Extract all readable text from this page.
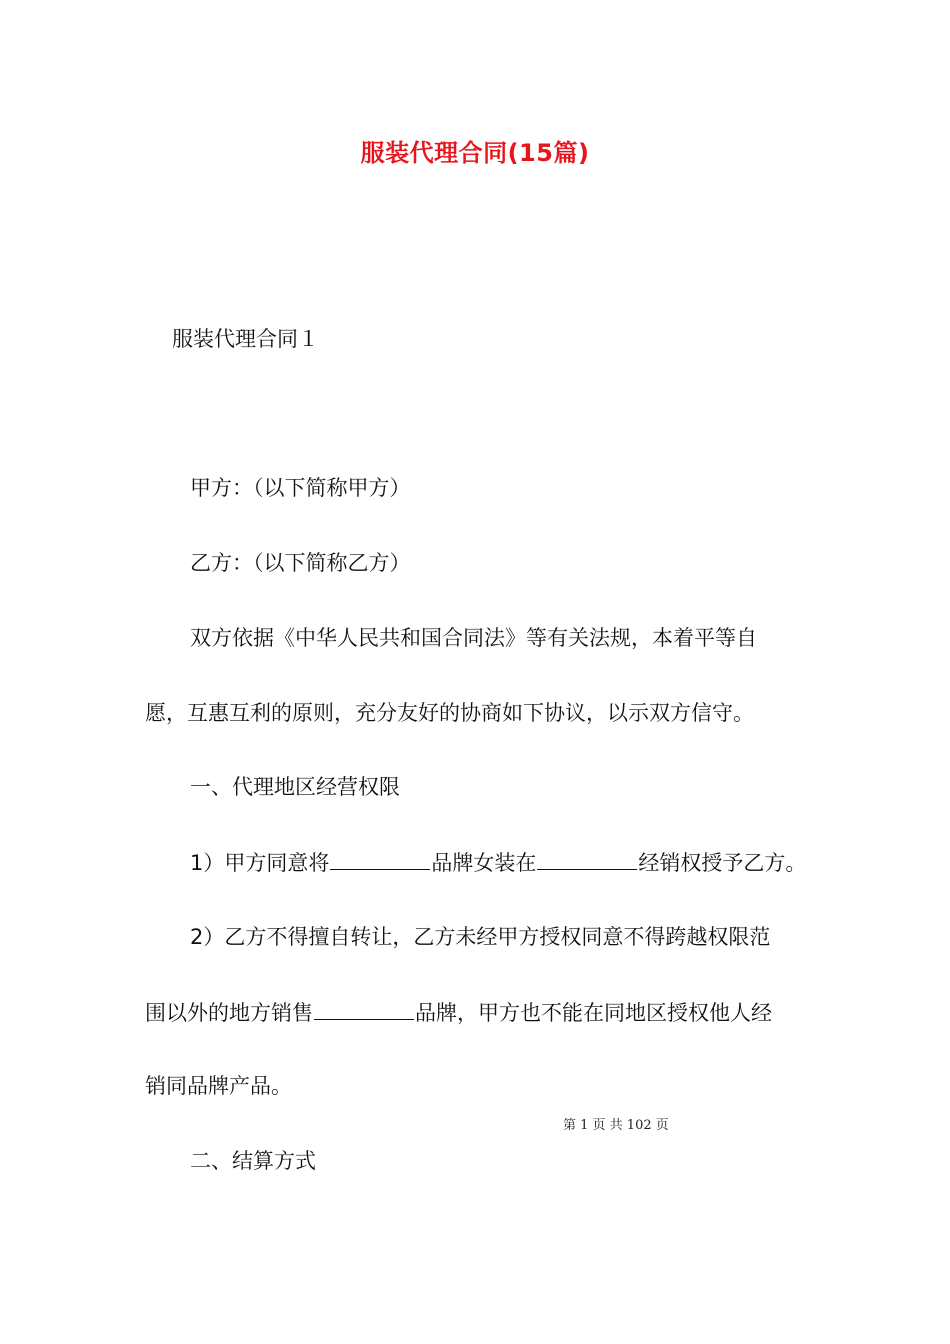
服装代理合同(15篇)
服装代理合同１
甲方：（以下简称甲方）
乙方：（以下简称乙方）
双方依据《中华人民共和国合同法》等有关法规，本着平等自
愿，互惠互利的原则，充分友好的协商如下协议，以示双方信守。
一、代理地区经营权限
1）甲方同意将	品牌女装在	经销权授予乙方。
2）乙方不得擅自转让，乙方未经甲方授权同意不得跨越权限范
围以外的地方销售	品牌，甲方也不能在同地区授权他人经
销同品牌产品。
第 1 页 共 102 页
二、结算方式
